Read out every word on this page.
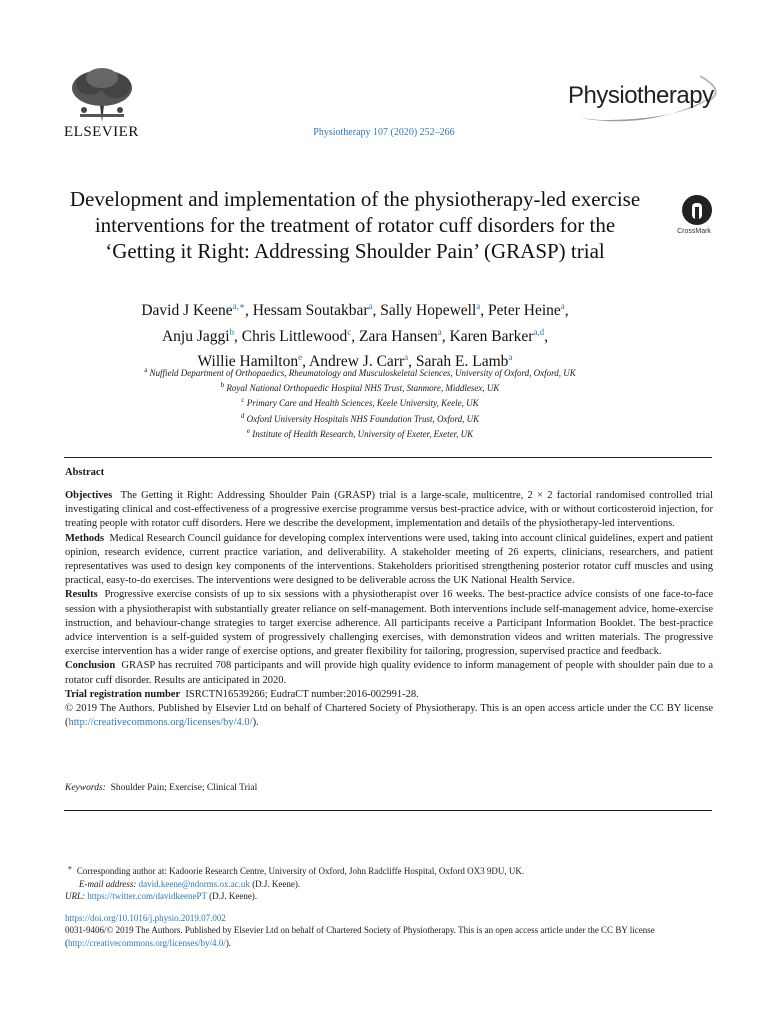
ELSEVIER	Physiotherapy 107 (2020) 252–266
Physiotherapy
CrossMark
Development and implementation of the physiotherapy-led exercise interventions for the treatment of rotator cuff disorders for the ‘Getting it Right: Addressing Shoulder Pain’ (GRASP) trial
David J Keene$^{a,∗}$, Hessam Soutakbar$^a$, Sally Hopewell$^a$, Peter Heine$^a$,
Anju Jaggi$^b$, Chris Littlewood$^c$, Zara Hansen$^a$, Karen Barker$^{a,d}$,
Willie Hamilton$^e$, Andrew J. Carr$^a$, Sarah E. Lamb$^a$
$^a$ Nuffield Department of Orthopaedics, Rheumatology and Musculoskeletal Sciences, University of Oxford, Oxford, UK
$^b$ Royal National Orthopaedic Hospital NHS Trust, Stanmore, Middlesex, UK
$^c$ Primary Care and Health Sciences, Keele University, Keele, UK
$^d$ Oxford University Hospitals NHS Foundation Trust, Oxford, UK
$^e$ Institute of Health Research, University of Exeter, Exeter, UK
Abstract

Objectives The Getting it Right: Addressing Shoulder Pain (GRASP) trial is a large-scale, multicentre, 2 × 2 factorial randomised controlled trial investigating clinical and cost-effectiveness of a progressive exercise programme versus best-practice advice, with or without corticosteroid injection, for treating people with rotator cuff disorders. Here we describe the development, implementation and details of the physiotherapy-led interventions.

Methods Medical Research Council guidance for developing complex interventions were used, taking into account clinical guidelines, expert and patient opinion, research evidence, current practice variation, and deliverability. A stakeholder meeting of 26 experts, clinicians, researchers, and patient representatives was used to design key components of the interventions. Stakeholders prioritised strengthening posterior rotator cuff muscles and using practical, easy-to-do exercises. The interventions were designed to be deliverable across the UK National Health Service.

Results Progressive exercise consists of up to six sessions with a physiotherapist over 16 weeks. The best-practice advice consists of one face-to-face session with a physiotherapist with substantially greater reliance on self-management. Both interventions include self-management advice, home-exercise instruction, and behaviour-change strategies to target exercise adherence. All participants receive a Participant Information Booklet. The best-practice advice intervention is a self-guided system of progressively challenging exercises, with demonstration videos and written materials. The progressive exercise intervention has a wider range of exercise options, and greater flexibility for tailoring, progression, supervised practice and feedback.

Conclusion GRASP has recruited 708 participants and will provide high quality evidence to inform management of people with shoulder pain due to a rotator cuff disorder. Results are anticipated in 2020.

Trial registration number ISRCTN16539266; EudraCT number:2016-002991-28.

© 2019 The Authors. Published by Elsevier Ltd on behalf of Chartered Society of Physiotherapy. This is an open access article under the CC BY license (http://creativecommons.org/licenses/by/4.0/).

Keywords: Shoulder Pain; Exercise; Clinical Trial
∗ Corresponding author at: Kadoorie Research Centre, University of Oxford, John Radcliffe Hospital, Oxford OX3 9DU, UK.
E-mail address: david.keene@ndorms.ox.ac.uk (D.J. Keene).
URL: https://twitter.com/davidkeenePT (D.J. Keene).
https://doi.org/10.1016/j.physio.2019.07.002
0031-9406/© 2019 The Authors. Published by Elsevier Ltd on behalf of Chartered Society of Physiotherapy. This is an open access article under the CC BY license (http://creativecommons.org/licenses/by/4.0/).
